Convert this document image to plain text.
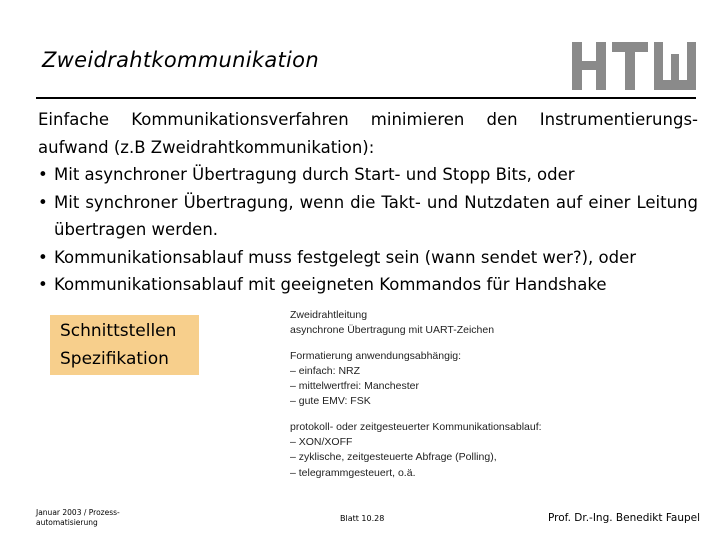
Zweidrahtkommunikation
Einfache Kommunikationsverfahren minimieren den Instrumentierungs-
aufwand (z.B Zweidrahtkommunikation):
• Mit asynchroner Übertragung durch Start- und Stopp Bits, oder
• Mit synchroner Übertragung, wenn die Takt- und Nutzdaten auf einer Leitung übertragen werden.
• Kommunikationsablauf muss festgelegt sein (wann sendet wer?), oder
• Kommunikationsablauf mit geeigneten Kommandos für Handshake
Schnittstellen
Spezifikation
Zweidrahtleitung
asynchrone Übertragung mit UART-Zeichen
Formatierung anwendungsabhängig:
– einfach: NRZ
– mittelwertfrei: Manchester
– gute EMV: FSK
protokoll- oder zeitgesteuerter Kommunikationsablauf:
– XON/XOFF
– zyklische, zeitgesteuerte Abfrage (Polling),
– telegrammgesteuert, o.ä.
Januar 2003 / Prozess-
automatisierung	Blatt 10.28	Prof. Dr.-Ing. Benedikt Faupel
